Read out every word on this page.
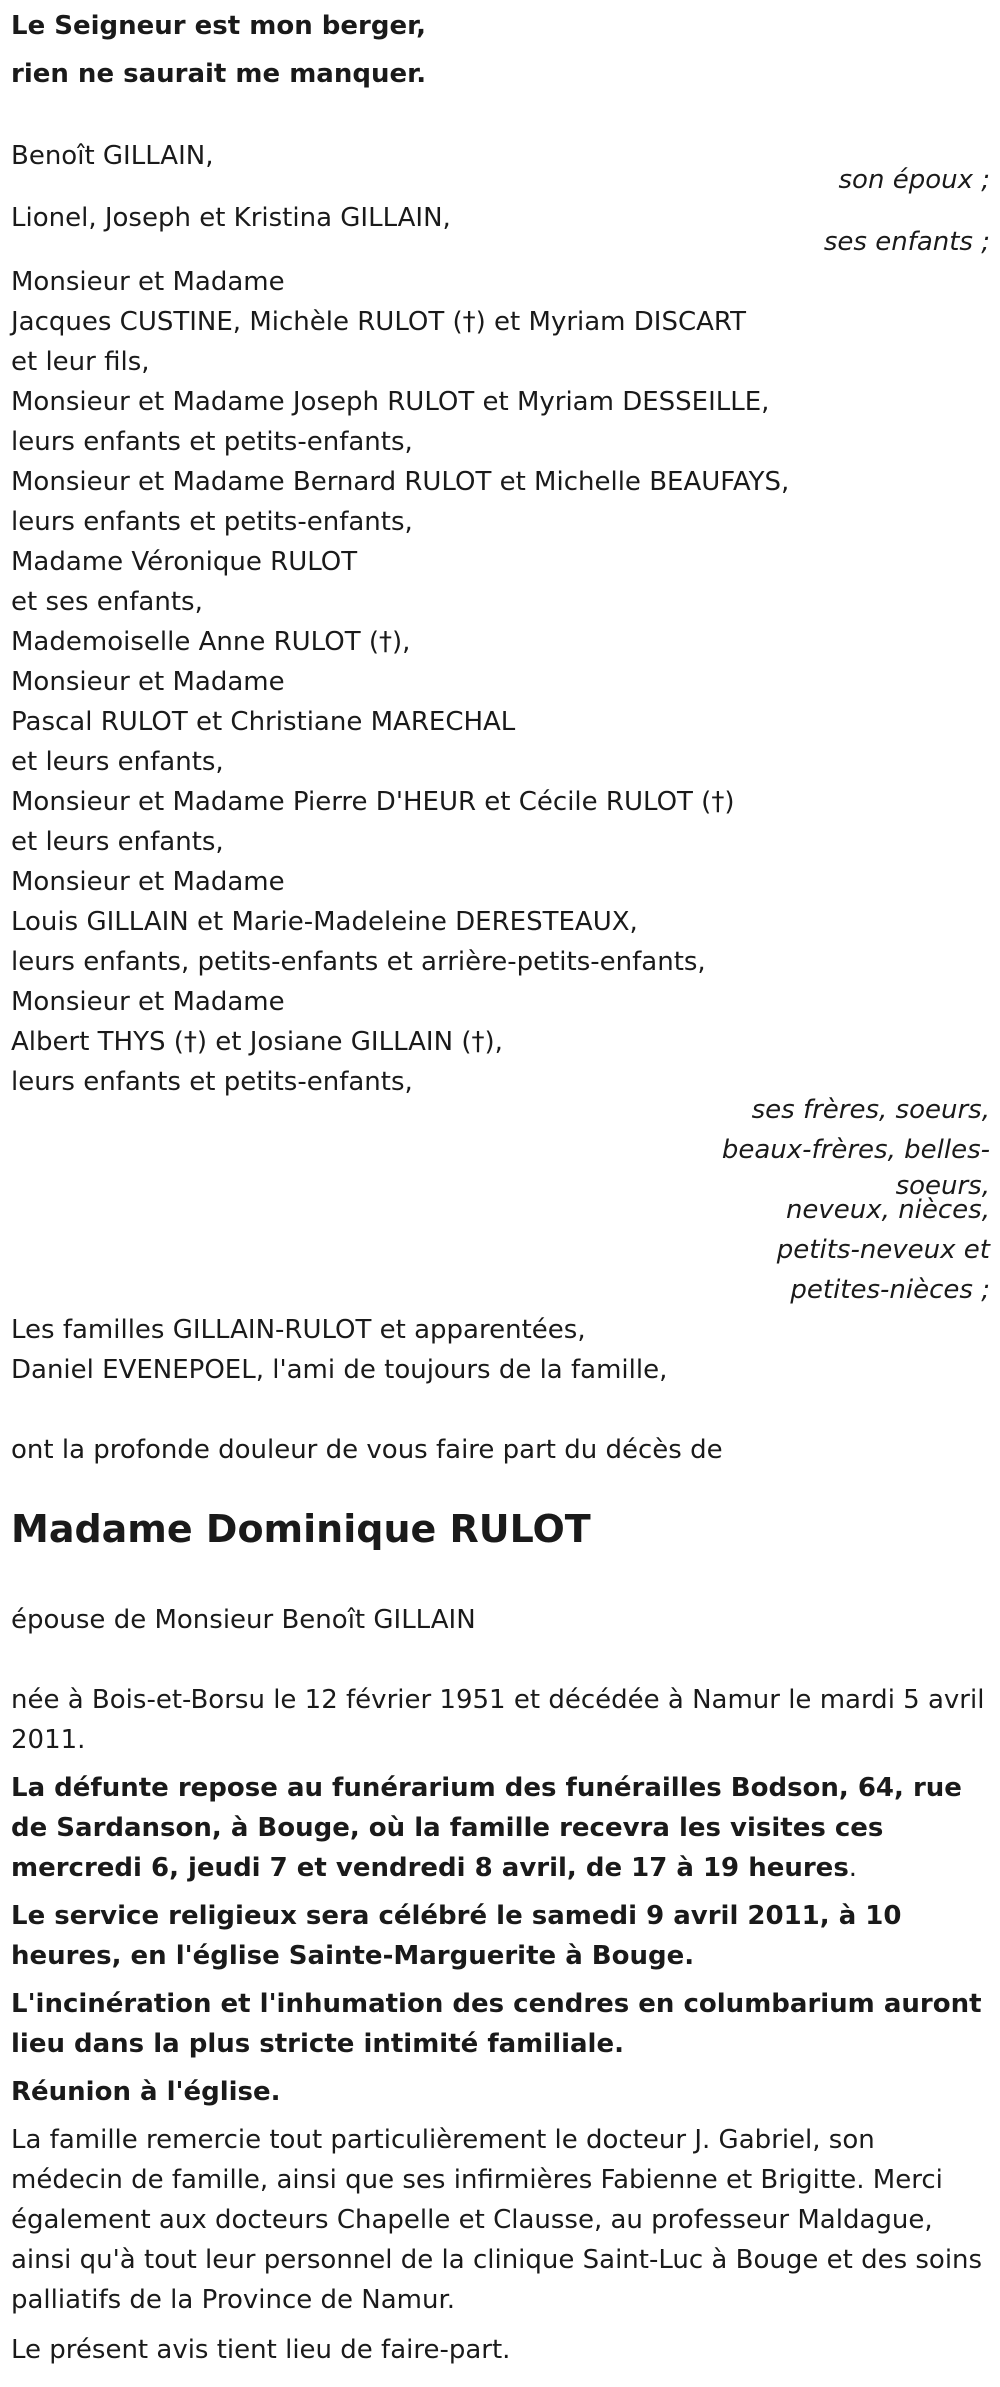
Le Seigneur est mon berger,
rien ne saurait me manquer.
Benoît GILLAIN,
son époux ;
Lionel, Joseph et Kristina GILLAIN,
ses enfants ;
Monsieur et Madame
Jacques CUSTINE, Michèle RULOT (†) et Myriam DISCART
et leur fils,
Monsieur et Madame Joseph RULOT et Myriam DESSEILLE,
leurs enfants et petits-enfants,
Monsieur et Madame Bernard RULOT et Michelle BEAUFAYS,
leurs enfants et petits-enfants,
Madame Véronique RULOT
et ses enfants,
Mademoiselle Anne RULOT (†),
Monsieur et Madame
Pascal RULOT et Christiane MARECHAL
et leurs enfants,
Monsieur et Madame Pierre D'HEUR et Cécile RULOT (†)
et leurs enfants,
Monsieur et Madame
Louis GILLAIN et Marie-Madeleine DERESTEAUX,
leurs enfants, petits-enfants et arrière-petits-enfants,
Monsieur et Madame
Albert THYS (†) et Josiane GILLAIN (†),
leurs enfants et petits-enfants,
ses frères, soeurs,
beaux-frères, belles-
soeurs,
neveux, nièces,
petits-neveux et
petites-nièces ;
Les familles GILLAIN-RULOT et apparentées,
Daniel EVENEPOEL, l'ami de toujours de la famille,
ont la profonde douleur de vous faire part du décès de
Madame Dominique RULOT
épouse de Monsieur Benoît GILLAIN
née à Bois-et-Borsu le 12 février 1951 et décédée à Namur le mardi 5 avril 2011.
La défunte repose au funérarium des funérailles Bodson, 64, rue de Sardanson, à Bouge, où la famille recevra les visites ces mercredi 6, jeudi 7 et vendredi 8 avril, de 17 à 19 heures.
Le service religieux sera célébré le samedi 9 avril 2011, à 10 heures, en l'église Sainte-Marguerite à Bouge.
L'incinération et l'inhumation des cendres en columbarium auront lieu dans la plus stricte intimité familiale.
Réunion à l'église.
La famille remercie tout particulièrement le docteur J. Gabriel, son médecin de famille, ainsi que ses infirmières Fabienne et Brigitte. Merci également aux docteurs Chapelle et Clausse, au professeur Maldague, ainsi qu'à tout leur personnel de la clinique Saint-Luc à Bouge et des soins palliatifs de la Province de Namur.
Le présent avis tient lieu de faire-part.
